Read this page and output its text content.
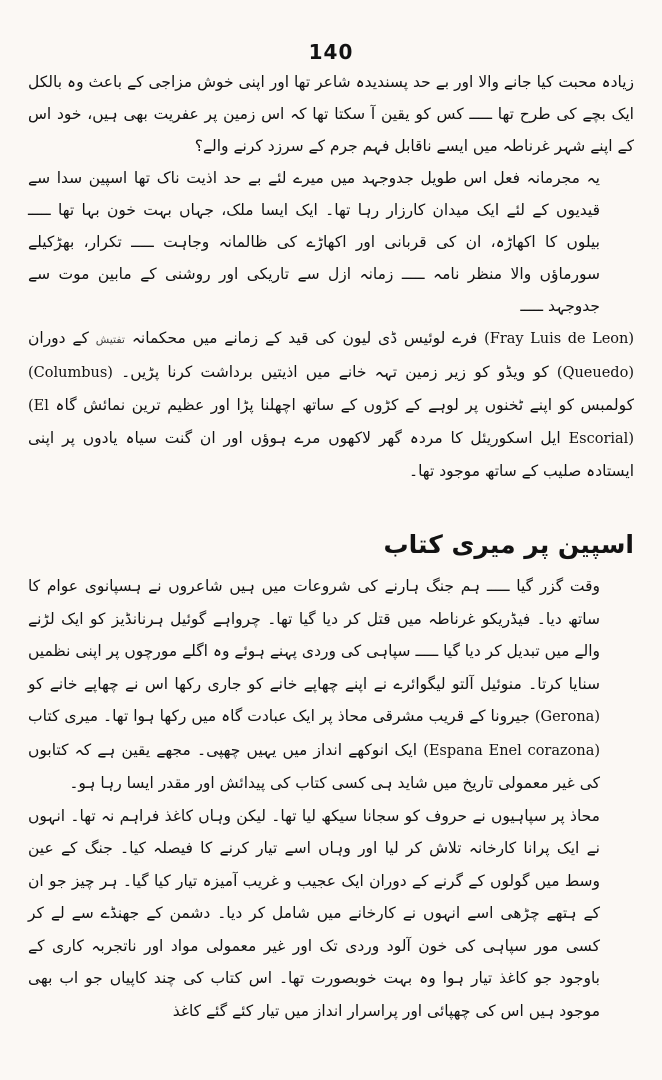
140

زیادہ محبت کیا جانے والا اور بے حد پسندیدہ شاعر تھا اور اپنی خوش مزاجی کے باعث وہ بالکل ایک بچے کی طرح تھا ـــــ کس کو یقین آ سکتا تھا کہ اس زمین پر عفریت بھی ہیں، خود اس کے اپنے شہر غرناطہ میں ایسے ناقابل فہم جرم کے سرزد کرنے والے؟

یہ مجرمانہ فعل اس طویل جدوجہد میں میرے لئے بے حد اذیت ناک تھا اسپین سدا سے قیدیوں کے لئے ایک میدان کارزار رہا تھا۔ ایک ایسا ملک، جہاں بہت خون بہا تھا ـــــ بیلوں کا اکھاڑہ، ان کی قربانی اور اکھاڑے کی ظالمانہ وجاہت ـــــ تکرار، بھڑکیلے سورماؤں والا منظر نامہ ـــــ زمانہ ازل سے تاریکی اور روشنی کے مابین موت سے جدوجہد ـــــ

(Fray Luis de Leon) فرے لوئیس ڈی لیون کی قید کے زمانے میں محکمانہ تفتیش کے دوران (Queuedo) کو ویڈو کو زیر زمین تہہ خانے میں اذیتیں برداشت کرنا پڑیں۔ (Columbus) کولمبس کو اپنے ٹخنوں پر لوہے کے کڑوں کے ساتھ اچھلنا پڑا اور عظیم ترین نمائش گاہ (El Escorial) ایل اسکوریئل کا مردہ گھر لاکھوں مرے ہوؤں اور ان گنت سیاہ یادوں پر اپنی ایستادہ صلیب کے ساتھ موجود تھا۔

اسپین پر میری کتاب

وقت گزر گیا ـــــ ہم جنگ ہارنے کی شروعات میں ہیں شاعروں نے ہسپانوی عوام کا ساتھ دیا۔ فیڈریکو غرناطہ میں قتل کر دیا گیا تھا۔ چرواہے گوئیل ہرنانڈیز کو ایک لڑنے والے میں تبدیل کر دیا گیا ـــــ سپاہی کی وردی پہنے ہوئے وہ اگلے مورچوں پر اپنی نظمیں سنایا کرتا۔ منوئیل آلتو لیگوائرے نے اپنے چھاپے خانے کو جاری رکھا اس نے چھاپے خانے کو (Gerona) جیرونا کے قریب مشرقی محاذ پر ایک عبادت گاہ میں رکھا ہوا تھا۔ میری کتاب (Espana Enel corazona) ایک انوکھے انداز میں یہیں چھپی۔ مجھے یقین ہے کہ کتابوں کی غیر معمولی تاریخ میں شاید ہی کسی کتاب کی پیدائش اور مقدر ایسا رہا ہو۔

محاذ پر سپاہیوں نے حروف کو سجانا سیکھ لیا تھا۔ لیکن وہاں کاغذ فراہم نہ تھا۔ انہوں نے ایک پرانا کارخانہ تلاش کر لیا اور وہاں اسے تیار کرنے کا فیصلہ کیا۔ جنگ کے عین وسط میں گولوں کے گرنے کے دوران ایک عجیب و غریب آمیزہ تیار کیا گیا۔ ہر چیز جو ان کے ہتھے چڑھی اسے انہوں نے کارخانے میں شامل کر دیا۔ دشمن کے جھنڈے سے لے کر کسی مور سپاہی کی خون آلود وردی تک اور غیر معمولی مواد اور ناتجربہ کاری کے باوجود جو کاغذ تیار ہوا وہ بہت خوبصورت تھا۔ اس کتاب کی چند کاپیاں جو اب بھی موجود ہیں اس کی چھپائی اور پراسرار انداز میں تیار کئے گئے کاغذ
